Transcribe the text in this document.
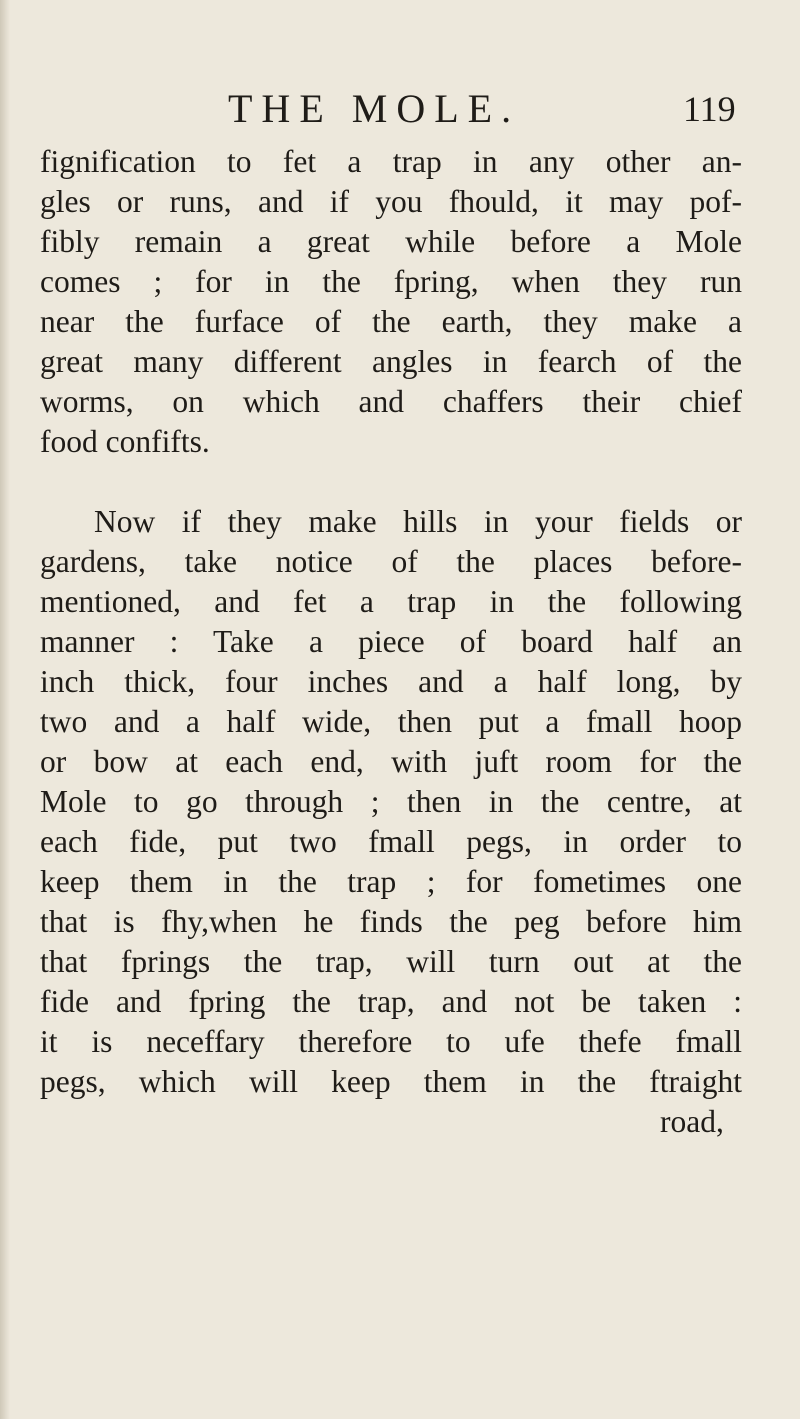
THE MOLE.	119
fignification to fet a trap in any other an-
gles or runs, and if you fhould, it may pof-
fibly remain a great while before a Mole
comes ; for in the fpring, when they run
near the furface of the earth, they make a
great many different angles in fearch of the
worms, on which and chaffers their chief
food confifts.
Now if they make hills in your fields or
gardens, take notice of the places before-
mentioned, and fet a trap in the following
manner : Take a piece of board half an
inch thick, four inches and a half long, by
two and a half wide, then put a fmall hoop
or bow at each end, with juft room for the
Mole to go through ; then in the centre, at
each fide, put two fmall pegs, in order to
keep them in the trap ; for fometimes one
that is fhy,when he finds the peg before him
that fprings the trap, will turn out at the
fide and fpring the trap, and not be taken :
it is neceffary therefore to ufe thefe fmall
pegs, which will keep them in the ftraight
road,
